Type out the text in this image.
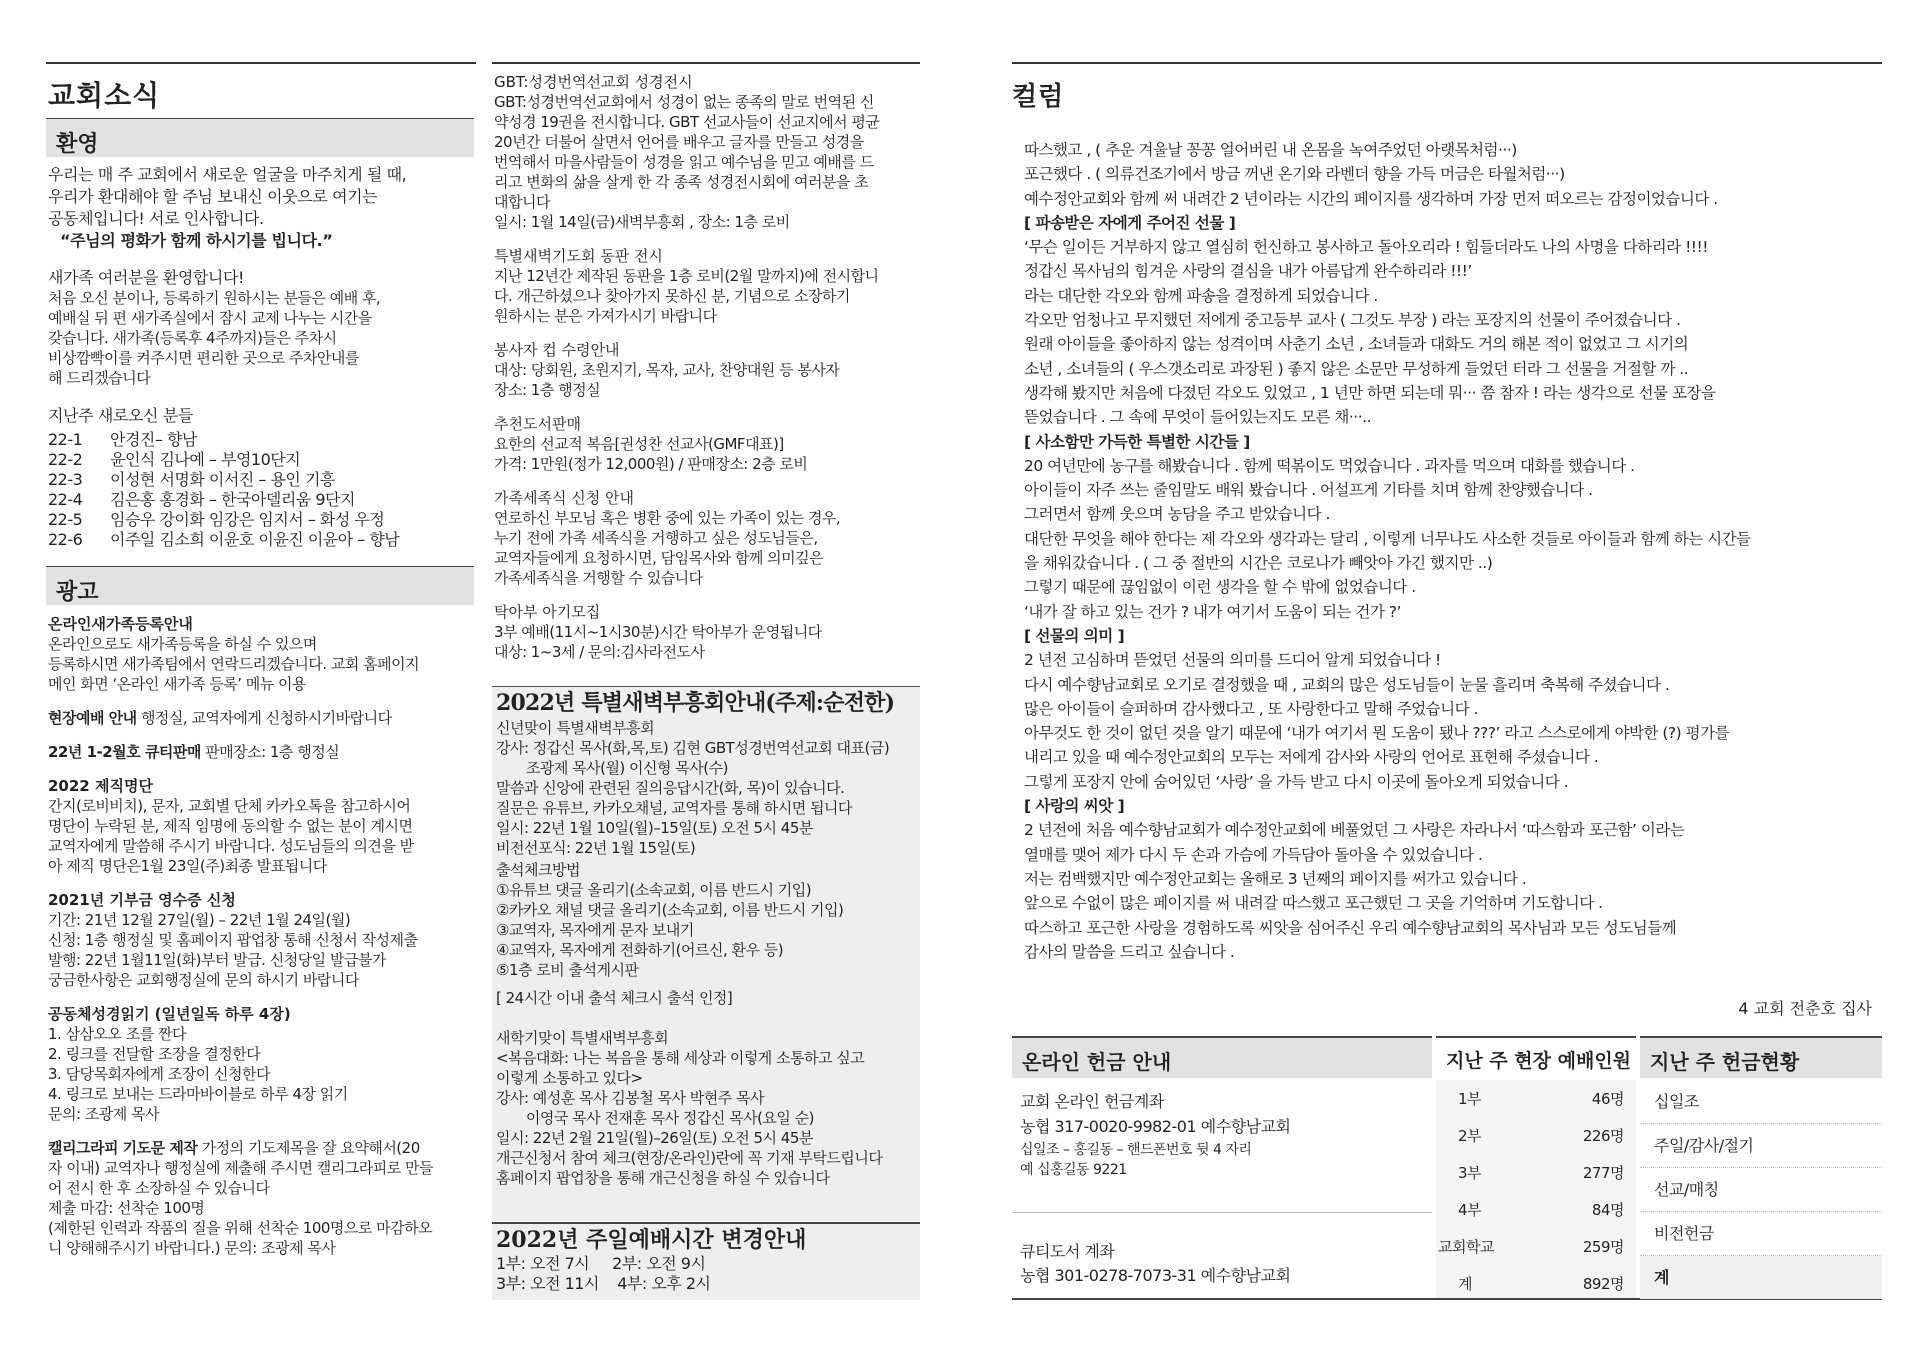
교회소식
환영
우리는 매 주 교회에서 새로운 얼굴을 마주치게 될 때,
우리가 환대해야 할 주님 보내신 이웃으로 여기는
공동체입니다! 서로 인사합니다.
“주님의 평화가 함께 하시기를 빕니다.”
새가족 여러분을 환영합니다!
처음 오신 분이나, 등록하기 원하시는 분들은 예배 후,
예배실 뒤 편 새가족실에서 잠시 교제 나누는 시간을
갖습니다. 새가족(등록후 4주까지)들은 주차시
비상깜빡이를 켜주시면 편리한 곳으로 주차안내를
해 드리겠습니다
지난주 새로오신 분들
22-1 안경진– 향남
22-2 윤인식 김나예 – 부영10단지
22-3 이성현 서명화 이서진 – 용인 기흥
22-4 김은홍 홍경화 – 한국아델리움 9단지
22-5 임승우 강이화 임강은 임지서 – 화성 우정
22-6 이주일 김소희 이윤호 이윤진 이윤아 – 향남
광고
온라인새가족등록안내
온라인으로도 새가족등록을 하실 수 있으며
등록하시면 새가족팀에서 연락드리겠습니다. 교회 홈페이지
메인 화면 ‘온라인 새가족 등록’ 메뉴 이용
현장예배 안내 행정실, 교역자에게 신청하시기바랍니다
22년 1-2월호 큐티판매 판매장소: 1층 행정실
2022 제직명단
간지(로비비치), 문자, 교회별 단체 카카오톡을 참고하시어
명단이 누락된 분, 제직 임명에 동의할 수 없는 분이 계시면
교역자에게 말씀해 주시기 바랍니다. 성도님들의 의견을 받
아 제직 명단은1월 23일(주)최종 발표됩니다
2021년 기부금 영수증 신청
기간: 21년 12월 27일(월) – 22년 1월 24일(월)
신청: 1층 행정실 및 홈페이지 팝업창 통해 신청서 작성제출
발행: 22년 1월11일(화)부터 발급. 신청당일 발급불가
궁금한사항은 교회행정실에 문의 하시기 바랍니다
공동체성경읽기 (일년일독 하루 4장)
1. 삼삼오오 조를 짠다
2. 링크를 전달할 조장을 결정한다
3. 담당목회자에게 조장이 신청한다
4. 링크로 보내는 드라마바이블로 하루 4장 읽기
문의: 조광제 목사
캘리그라피 기도문 제작 가정의 기도제목을 잘 요약해서(20
자 이내) 교역자나 행정실에 제출해 주시면 캘리그라피로 만들
어 전시 한 후 소장하실 수 있습니다
제출 마감: 선착순 100명
(제한된 인력과 작품의 질을 위해 선착순 100명으로 마감하오
니 양해해주시기 바랍니다.) 문의: 조광제 목사
GBT:성경번역선교회 성경전시
GBT:성경번역선교회에서 성경이 없는 종족의 말로 번역된 신
약성경 19권을 전시합니다. GBT 선교사들이 선교지에서 평균
20년간 더불어 살면서 언어를 배우고 글자를 만들고 성경을
번역해서 마을사람들이 성경을 읽고 예수님을 믿고 예배를 드
리고 변화의 삶을 살게 한 각 종족 성경전시회에 여러분을 초
대합니다
일시: 1월 14일(금)새벽부흥회 , 장소: 1층 로비
특별새벽기도회 동판 전시
지난 12년간 제작된 동판을 1층 로비(2월 말까지)에 전시합니
다. 개근하셨으나 찾아가지 못하신 분, 기념으로 소장하기
원하시는 분은 가져가시기 바랍니다
봉사자 컵 수령안내
대상: 당회원, 초원지기, 목자, 교사, 찬양대원 등 봉사자
장소: 1층 행정실
추천도서판매
요한의 선교적 복음[권성찬 선교사(GMF대표)]
가격: 1만원(정가 12,000원) / 판매장소: 2층 로비
가족세족식 신청 안내
연로하신 부모님 혹은 병환 중에 있는 가족이 있는 경우,
누기 전에 가족 세족식을 거행하고 싶은 성도님들은,
교역자들에게 요청하시면, 담임목사와 함께 의미깊은
가족세족식을 거행할 수 있습니다
탁아부 아기모집
3부 예배(11시~1시30분)시간 탁아부가 운영됩니다
대상: 1~3세 / 문의:김사라전도사
2022년 특별새벽부흥회안내(주제:순전한)
신년맞이 특별새벽부흥회
강사: 정갑신 목사(화,목,토) 김현 GBT성경번역선교회 대표(금)
조광제 목사(월) 이신형 목사(수)
말씀과 신앙에 관련된 질의응답시간(화, 목)이 있습니다.
질문은 유튜브, 카카오채널, 교역자를 통해 하시면 됩니다
일시: 22년 1월 10일(월)–15일(토) 오전 5시 45분
비전선포식: 22년 1월 15일(토)
출석체크방법
①유튜브 댓글 올리기(소속교회, 이름 반드시 기입)
②카카오 채널 댓글 올리기(소속교회, 이름 반드시 기입)
③교역자, 목자에게 문자 보내기
④교역자, 목자에게 전화하기(어르신, 환우 등)
⑤1층 로비 출석게시판
[ 24시간 이내 출석 체크시 출석 인정]
새학기맞이 특별새벽부흥회
<복음대화: 나는 복음을 통해 세상과 이렇게 소통하고 싶고
이렇게 소통하고 있다>
강사: 예성훈 목사 김봉철 목사 박현주 목사
이영국 목사 전재훈 목사 정갑신 목사(요일 순)
일시: 22년 2월 21일(월)–26일(토) 오전 5시 45분
개근신청서 참여 체크(현장/온라인)란에 꼭 기재 부탁드립니다
홈페이지 팝업창을 통해 개근신청을 하실 수 있습니다
2022년 주일예배시간 변경안내
1부: 오전 7시     2부: 오전 9시
3부: 오전 11시    4부: 오후 2시
컬럼
따스했고 , ( 추운 겨울날 꽁꽁 얼어버린 내 온몸을 녹여주었던 아랫목처럼···)
포근했다 . ( 의류건조기에서 방금 꺼낸 온기와 라벤더 향을 가득 머금은 타월처럼···)
예수정안교회와 함께 써 내려간 2 년이라는 시간의 페이지를 생각하며 가장 먼저 떠오르는 감정이었습니다 .
[ 파송받은 자에게 주어진 선물 ]
‘무슨 일이든 거부하지 않고 열심히 헌신하고 봉사하고 돌아오리라 ! 힘들더라도 나의 사명을 다하리라 !!!!
정갑신 목사님의 힘겨운 사랑의 결심을 내가 아름답게 완수하리라 !!!’
라는 대단한 각오와 함께 파송을 결정하게 되었습니다 .
각오만 엄청나고 무지했던 저에게 중고등부 교사 ( 그것도 부장 ) 라는 포장지의 선물이 주어졌습니다 .
원래 아이들을 좋아하지 않는 성격이며 사춘기 소년 , 소녀들과 대화도 거의 해본 적이 없었고 그 시기의
소년 , 소녀들의 ( 우스갯소리로 과장된 ) 좋지 않은 소문만 무성하게 들었던 터라 그 선물을 거절할 까 ..
생각해 봤지만 처음에 다졌던 각오도 있었고 , 1 년만 하면 되는데 뭐··· 쯤 참자 ! 라는 생각으로 선물 포장을
뜯었습니다 . 그 속에 무엇이 들어있는지도 모른 채···..
[ 사소함만 가득한 특별한 시간들 ]
20 여년만에 농구를 해봤습니다 . 함께 떡볶이도 먹었습니다 . 과자를 먹으며 대화를 했습니다 .
아이들이 자주 쓰는 줄임말도 배워 봤습니다 . 어설프게 기타를 치며 함께 찬양했습니다 .
그러면서 함께 웃으며 농담을 주고 받았습니다 .
대단한 무엇을 해야 한다는 제 각오와 생각과는 달리 , 이렇게 너무나도 사소한 것들로 아이들과 함께 하는 시간들
을 채워갔습니다 . ( 그 중 절반의 시간은 코로나가 빼앗아 가긴 했지만 ..)
그렇기 때문에 끊임없이 이런 생각을 할 수 밖에 없었습니다 .
‘내가 잘 하고 있는 건가 ? 내가 여기서 도움이 되는 건가 ?’
[ 선물의 의미 ]
2 년전 고심하며 뜯었던 선물의 의미를 드디어 알게 되었습니다 !
다시 예수향남교회로 오기로 결정했을 때 , 교회의 많은 성도님들이 눈물 흘리며 축복해 주셨습니다 .
많은 아이들이 슬퍼하며 감사했다고 , 또 사랑한다고 말해 주었습니다 .
아무것도 한 것이 없던 것을 알기 때문에 ‘내가 여기서 뭔 도움이 됐나 ???’ 라고 스스로에게 야박한 (?) 평가를
내리고 있을 때 예수정안교회의 모두는 저에게 감사와 사랑의 언어로 표현해 주셨습니다 .
그렇게 포장지 안에 숨어있던 ‘사랑’ 을 가득 받고 다시 이곳에 돌아오게 되었습니다 .
[ 사랑의 씨앗 ]
2 년전에 처음 예수향남교회가 예수정안교회에 베풀었던 그 사랑은 자라나서 ‘따스함과 포근함’ 이라는
열매를 맺어 제가 다시 두 손과 가슴에 가득담아 돌아올 수 있었습니다 .
저는 컴백했지만 예수정안교회는 올해로 3 년째의 페이지를 써가고 있습니다 .
앞으로 수없이 많은 페이지를 써 내려갈 따스했고 포근했던 그 곳을 기억하며 기도합니다 .
따스하고 포근한 사랑을 경험하도록 씨앗을 심어주신 우리 예수향남교회의 목사님과 모든 성도님들께
감사의 말씀을 드리고 싶습니다 .
4 교회 전춘호 집사
온라인 헌금 안내
교회 온라인 헌금계좌
농협 317-0020-9982-01 예수향남교회
십일조 – 홍길동 – 핸드폰번호 뒷 4 자리
예 십홍길동 9221
큐티도서 계좌
농협 301-0278-7073-31 예수향남교회
지난 주 현장 예배인원
1부	46명
2부	226명
3부	277명
4부	84명
교회학교	259명
계	892명
지난 주 헌금현황
십일조
주일/감사/절기
선교/매칭
비전헌금
계
